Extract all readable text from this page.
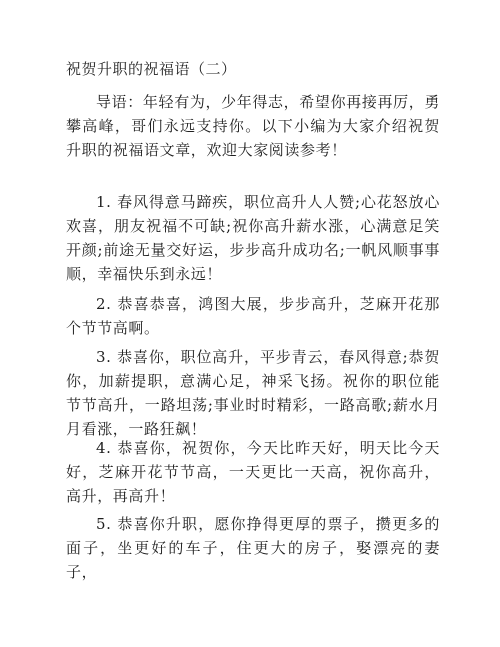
祝贺升职的祝福语（二）

导语：年轻有为，少年得志，希望你再接再厉，勇攀高峰，哥们永远支持你。以下小编为大家介绍祝贺升职的祝福语文章，欢迎大家阅读参考！

1. 春风得意马蹄疾，职位高升人人赞;心花怒放心欢喜，朋友祝福不可缺;祝你高升薪水涨，心满意足笑开颜;前途无量交好运，步步高升成功名;一帆风顺事事顺，幸福快乐到永远！

2. 恭喜恭喜，鸿图大展，步步高升，芝麻开花那个节节高啊。

3. 恭喜你，职位高升，平步青云，春风得意;恭贺你，加薪提职，意满心足，神采飞扬。祝你的职位能节节高升，一路坦荡;事业时时精彩，一路高歌;薪水月月看涨，一路狂飙！

4. 恭喜你，祝贺你，今天比昨天好，明天比今天好，芝麻开花节节高，一天更比一天高，祝你高升，高升，再高升！

5. 恭喜你升职，愿你挣得更厚的票子，攒更多的面子，坐更好的车子，住更大的房子，娶漂亮的妻子，
